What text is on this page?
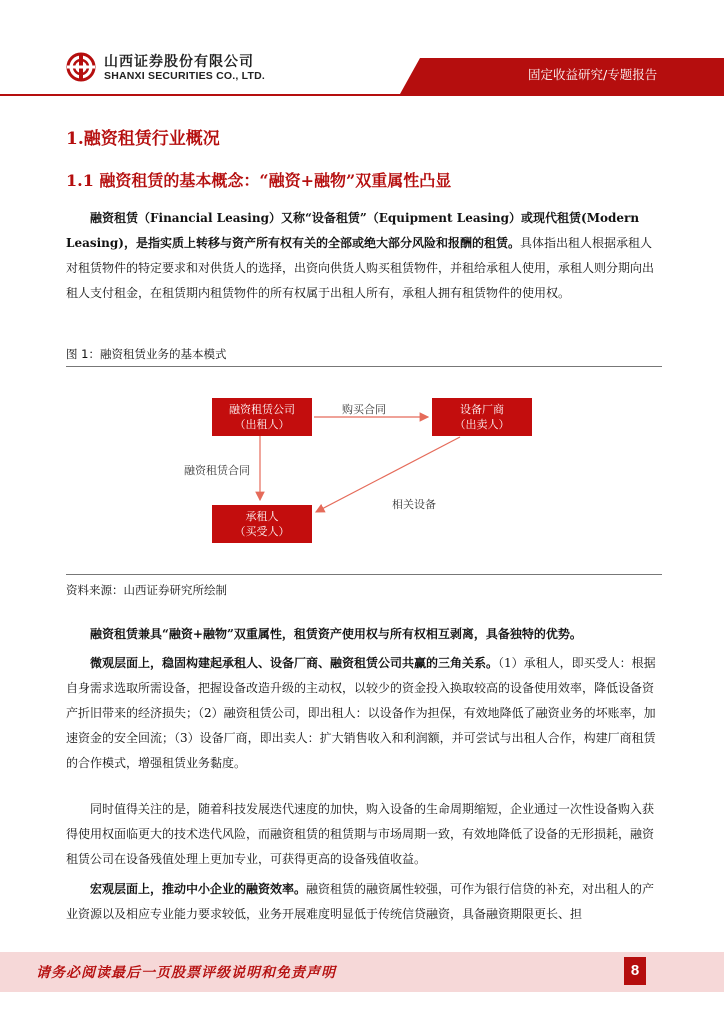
山西证券股份有限公司
SHANXI SECURITIES CO., LTD.	固定收益研究/专题报告
1.融资租赁行业概况
1.1 融资租赁的基本概念：“融资+融物”双重属性凸显

融资租赁（Financial Leasing）又称“设备租赁”（Equipment Leasing）或现代租赁(Modern Leasing)，是指实质上转移与资产所有权有关的全部或绝大部分风险和报酬的租赁。具体指出租人根据承租人对租赁物件的特定要求和对供货人的选择，出资向供货人购买租赁物件，并租给承租人使用，承租人则分期向出租人支付租金，在租赁期内租赁物件的所有权属于出租人所有，承租人拥有租赁物件的使用权。

图 1：融资租赁业务的基本模式
融资租赁公司
（出租人）
设备厂商
（出卖人）
承租人
（买受人）
购买合同
融资租赁合同
相关设备
资料来源：山西证券研究所绘制

融资租赁兼具“融资+融物”双重属性，租赁资产使用权与所有权相互剥离，具备独特的优势。

微观层面上，稳固构建起承租人、设备厂商、融资租赁公司共赢的三角关系。（1）承租人，即买受人：根据自身需求选取所需设备，把握设备改造升级的主动权，以较少的资金投入换取较高的设备使用效率，降低设备资产折旧带来的经济损失；（2）融资租赁公司，即出租人：以设备作为担保，有效地降低了融资业务的坏账率，加速资金的安全回流；（3）设备厂商，即出卖人：扩大销售收入和利润额，并可尝试与出租人合作，构建厂商租赁的合作模式，增强租赁业务黏度。

同时值得关注的是，随着科技发展迭代速度的加快，购入设备的生命周期缩短，企业通过一次性设备购入获得使用权面临更大的技术迭代风险，而融资租赁的租赁期与市场周期一致，有效地降低了设备的无形损耗，融资租赁公司在设备残值处理上更加专业，可获得更高的设备残值收益。

宏观层面上，推动中小企业的融资效率。融资租赁的融资属性较强，可作为银行信贷的补充，对出租人的产业资源以及相应专业能力要求较低，业务开展难度明显低于传统信贷融资，具备融资期限更长、担

请务必阅读最后一页股票评级说明和免责声明	8
